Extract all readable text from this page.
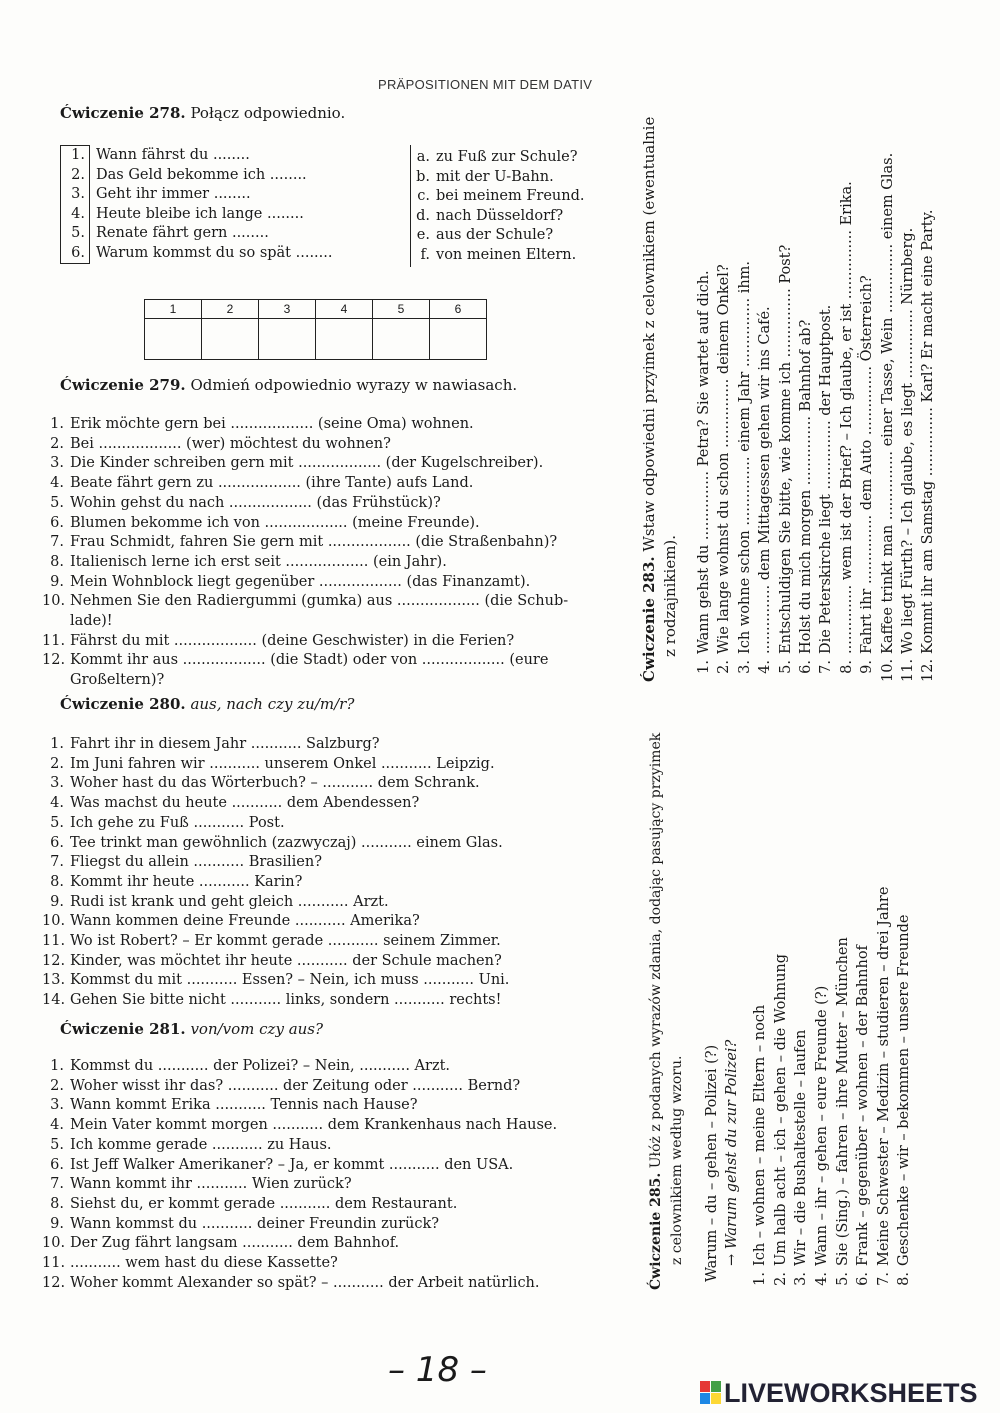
PRÄPOSITIONEN MIT DEM DATIV
Ćwiczenie 278. Połącz odpowiednio.
1. Wann fährst du ........
2. Das Geld bekomme ich ........
3. Geht ihr immer ........
4. Heute bleibe ich lange ........
5. Renate fährt gern ........
6. Warum kommst du so spät ........
a. zu Fuß zur Schule?
b. mit der U-Bahn.
c. bei meinem Freund.
d. nach Düsseldorf?
e. aus der Schule?
f. von meinen Eltern.
1	2	3	4	5	6

Ćwiczenie 279. Odmień odpowiednio wyrazy w nawiasach.
1. Erik möchte gern bei .................. (seine Oma) wohnen.
2. Bei .................. (wer) möchtest du wohnen?
3. Die Kinder schreiben gern mit .................. (der Kugelschreiber).
4. Beate fährt gern zu .................. (ihre Tante) aufs Land.
5. Wohin gehst du nach .................. (das Frühstück)?
6. Blumen bekomme ich von .................. (meine Freunde).
7. Frau Schmidt, fahren Sie gern mit .................. (die Straßenbahn)?
8. Italienisch lerne ich erst seit .................. (ein Jahr).
9. Mein Wohnblock liegt gegenüber .................. (das Finanzamt).
10. Nehmen Sie den Radiergummi (gumka) aus .................. (die Schub-
lade)!
11. Fährst du mit .................. (deine Geschwister) in die Ferien?
12. Kommt ihr aus .................. (die Stadt) oder von .................. (eure
Großeltern)?
Ćwiczenie 280. aus, nach czy zu/m/r?
1. Fahrt ihr in diesem Jahr ........... Salzburg?
2. Im Juni fahren wir ........... unserem Onkel ........... Leipzig.
3. Woher hast du das Wörterbuch? – ........... dem Schrank.
4. Was machst du heute ........... dem Abendessen?
5. Ich gehe zu Fuß ........... Post.
6. Tee trinkt man gewöhnlich (zazwyczaj) ........... einem Glas.
7. Fliegst du allein ........... Brasilien?
8. Kommt ihr heute ........... Karin?
9. Rudi ist krank und geht gleich ........... Arzt.
10. Wann kommen deine Freunde ........... Amerika?
11. Wo ist Robert? – Er kommt gerade ........... seinem Zimmer.
12. Kinder, was möchtet ihr heute ........... der Schule machen?
13. Kommst du mit ........... Essen? – Nein, ich muss ........... Uni.
14. Gehen Sie bitte nicht ........... links, sondern ........... rechts!
Ćwiczenie 281. von/vom czy aus?
1. Kommst du ........... der Polizei? – Nein, ........... Arzt.
2. Woher wisst ihr das? ........... der Zeitung oder ........... Bernd?
3. Wann kommt Erika ........... Tennis nach Hause?
4. Mein Vater kommt morgen ........... dem Krankenhaus nach Hause.
5. Ich komme gerade ........... zu Haus.
6. Ist Jeff Walker Amerikaner? – Ja, er kommt ........... den USA.
7. Wann kommt ihr ........... Wien zurück?
8. Siehst du, er kommt gerade ........... dem Restaurant.
9. Wann kommst du ........... deiner Freundin zurück?
10. Der Zug fährt langsam ........... dem Bahnhof.
11. ........... wem hast du diese Kassette?
12. Woher kommt Alexander so spät? – ........... der Arbeit natürlich.
Ćwiczenie 283. Wstaw odpowiedni przyimek z celownikiem (ewentualnie
z rodzajnikiem).
1.Wann gehst du ............... Petra? Sie wartet auf dich.
2.Wie lange wohnst du schon ............... deinem Onkel?
3.Ich wohne schon ............... einem Jahr ............... ihm.
4................ dem Mittagessen gehen wir ins Café.
5.Entschuldigen Sie bitte, wie komme ich ............... Post?
6.Holst du mich morgen ............... Bahnhof ab?
7.Die Peterskirche liegt ............... der Hauptpost.
8................ wem ist der Brief? – Ich glaube, er ist ............... Erika.
9.Fahrt ihr ............... dem Auto ............... Österreich?
10.Kaffee trinkt man ............... einer Tasse, Wein ............... einem Glas.
11.Wo liegt Fürth? – Ich glaube, es liegt ............... Nürnberg.
12.Kommt ihr am Samstag ............... Karl? Er macht eine Party.
Ćwiczenie 285. Ułóż z podanych wyrazów zdania, dodając pasujący przyimek z celownikiem według wzoru. Warum – du – gehen – Polizei (?) → Warum gehst du zur Polizei?
1.Ich – wohnen – meine Eltern – noch
2.Um halb acht – ich – gehen – die Wohnung
3.Wir – die Bushaltestelle – laufen
4.Wann – ihr – gehen – eure Freunde (?)
5.Sie (Sing.) – fahren – ihre Mutter – München
6.Frank – gegenüber – wohnen – der Bahnhof
7.Meine Schwester – Medizin – studieren – drei Jahre
8.Geschenke – wir – bekommen – unsere Freunde
– 18 –
LIVEWORKSHEETS
